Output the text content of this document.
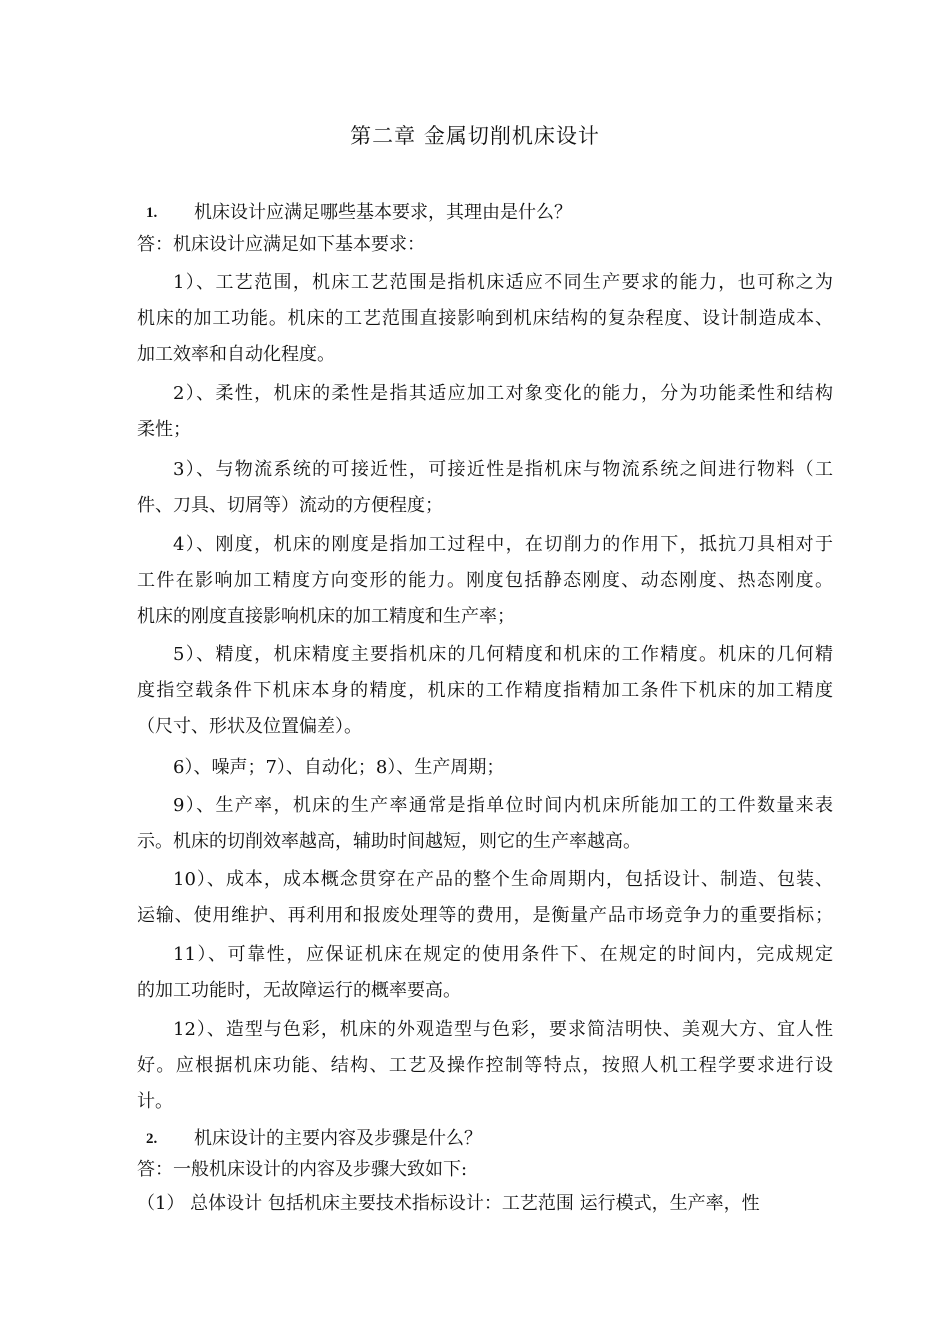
第二章 金属切削机床设计
1. 机床设计应满足哪些基本要求，其理由是什么？
答：机床设计应满足如下基本要求：
1）、工艺范围，机床工艺范围是指机床适应不同生产要求的能力，也可称之为
机床的加工功能。机床的工艺范围直接影响到机床结构的复杂程度、设计制造成本、
加工效率和自动化程度。
2）、柔性，机床的柔性是指其适应加工对象变化的能力，分为功能柔性和结构
柔性；
3）、与物流系统的可接近性，可接近性是指机床与物流系统之间进行物料（工
件、刀具、切屑等）流动的方便程度；
4）、刚度，机床的刚度是指加工过程中，在切削力的作用下，抵抗刀具相对于
工件在影响加工精度方向变形的能力。刚度包括静态刚度、动态刚度、热态刚度。
机床的刚度直接影响机床的加工精度和生产率；
5）、精度，机床精度主要指机床的几何精度和机床的工作精度。机床的几何精
度指空载条件下机床本身的精度，机床的工作精度指精加工条件下机床的加工精度
（尺寸、形状及位置偏差）。
6）、噪声；7）、自动化；8）、生产周期；
9）、生产率，机床的生产率通常是指单位时间内机床所能加工的工件数量来表
示。机床的切削效率越高，辅助时间越短，则它的生产率越高。
10）、成本，成本概念贯穿在产品的整个生命周期内，包括设计、制造、包装、
运输、使用维护、再利用和报废处理等的费用，是衡量产品市场竞争力的重要指标；
11）、可靠性，应保证机床在规定的使用条件下、在规定的时间内，完成规定
的加工功能时，无故障运行的概率要高。
12）、造型与色彩，机床的外观造型与色彩，要求简洁明快、美观大方、宜人性
好。应根据机床功能、结构、工艺及操作控制等特点，按照人机工程学要求进行设
计。
2. 机床设计的主要内容及步骤是什么？
答：一般机床设计的内容及步骤大致如下:
（1） 总体设计 包括机床主要技术指标设计：工艺范围 运行模式，生产率，性
